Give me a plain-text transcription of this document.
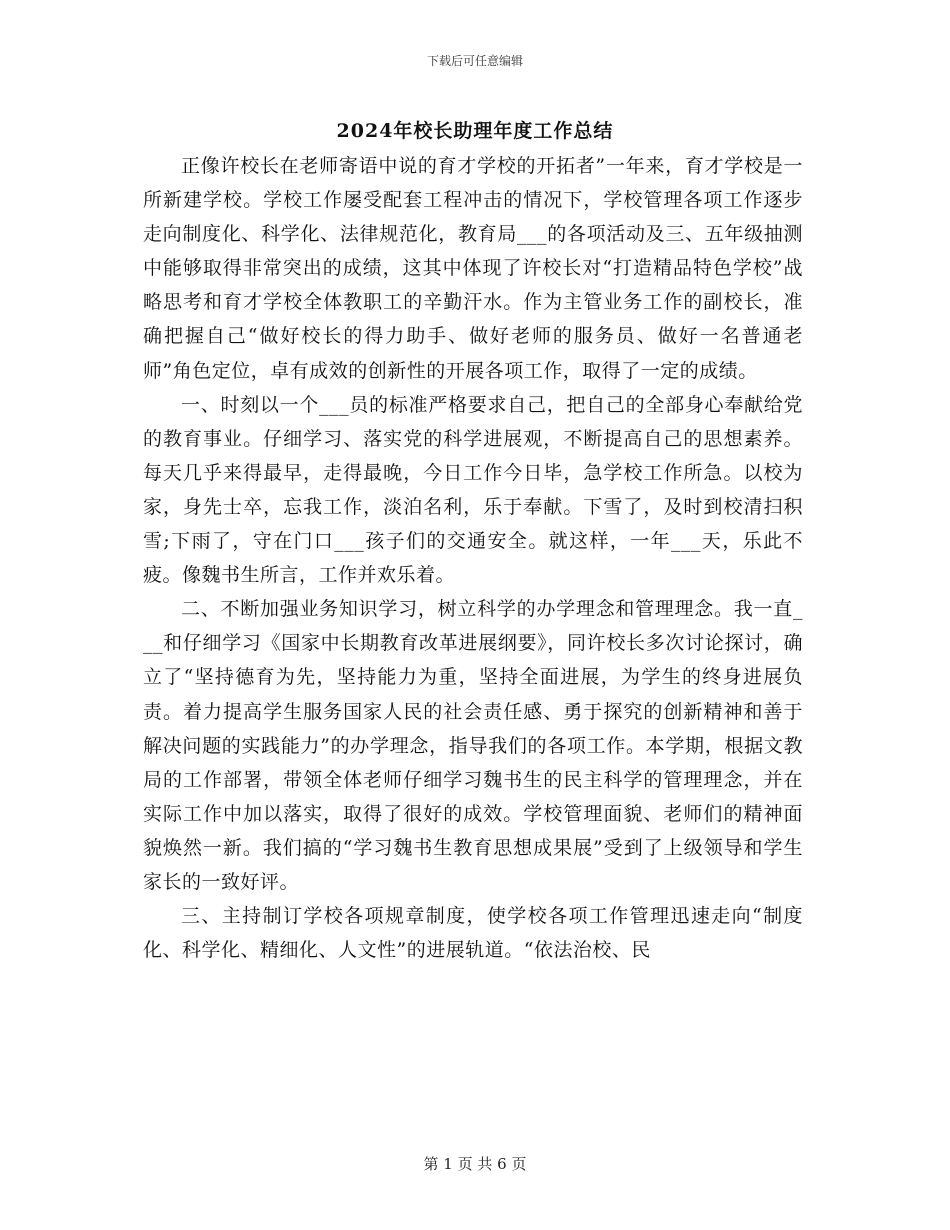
下载后可任意编辑
2024年校长助理年度工作总结

正像许校长在老师寄语中说的育才学校的开拓者”一年来，育才学校是一所新建学校。学校工作屡受配套工程冲击的情况下，学校管理各项工作逐步走向制度化、科学化、法律规范化，教育局___的各项活动及三、五年级抽测中能够取得非常突出的成绩，这其中体现了许校长对“打造精品特色学校”战略思考和育才学校全体教职工的辛勤汗水。作为主管业务工作的副校长，准确把握自己“做好校长的得力助手、做好老师的服务员、做好一名普通老师”角色定位，卓有成效的创新性的开展各项工作，取得了一定的成绩。

一、时刻以一个___员的标准严格要求自己，把自己的全部身心奉献给党的教育事业。仔细学习、落实党的科学进展观，不断提高自己的思想素养。每天几乎来得最早，走得最晚，今日工作今日毕，急学校工作所急。以校为家，身先士卒，忘我工作，淡泊名利，乐于奉献。下雪了，及时到校清扫积雪;下雨了，守在门口___孩子们的交通安全。就这样，一年___天，乐此不疲。像魏书生所言，工作并欢乐着。

二、不断加强业务知识学习，树立科学的办学理念和管理理念。我一直___和仔细学习《国家中长期教育改革进展纲要》，同许校长多次讨论探讨，确立了“坚持德育为先，坚持能力为重，坚持全面进展，为学生的终身进展负责。着力提高学生服务国家人民的社会责任感、勇于探究的创新精神和善于解决问题的实践能力”的办学理念，指导我们的各项工作。本学期，根据文教局的工作部署，带领全体老师仔细学习魏书生的民主科学的管理理念，并在实际工作中加以落实，取得了很好的成效。学校管理面貌、老师们的精神面貌焕然一新。我们搞的“学习魏书生教育思想成果展”受到了上级领导和学生家长的一致好评。

三、主持制订学校各项规章制度，使学校各项工作管理迅速走向“制度化、科学化、精细化、人文性”的进展轨道。“依法治校、民

第 1 页 共 6 页
